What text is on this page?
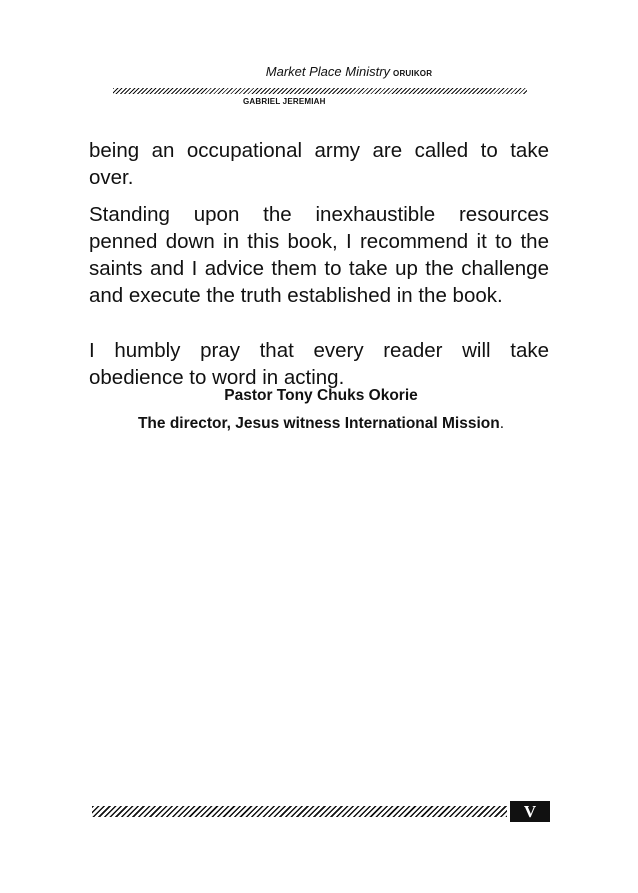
Market Place Ministry ORUIKOR
GABRIEL JEREMIAH

being an occupational army are called to take over.

Standing upon the inexhaustible resources penned down in this book, I recommend it to the saints and I advice them to take up the challenge and execute the truth established in the book.

I humbly pray that every reader will take obedience to word in acting.

Pastor Tony Chuks Okorie
The director, Jesus witness International Mission.
V
